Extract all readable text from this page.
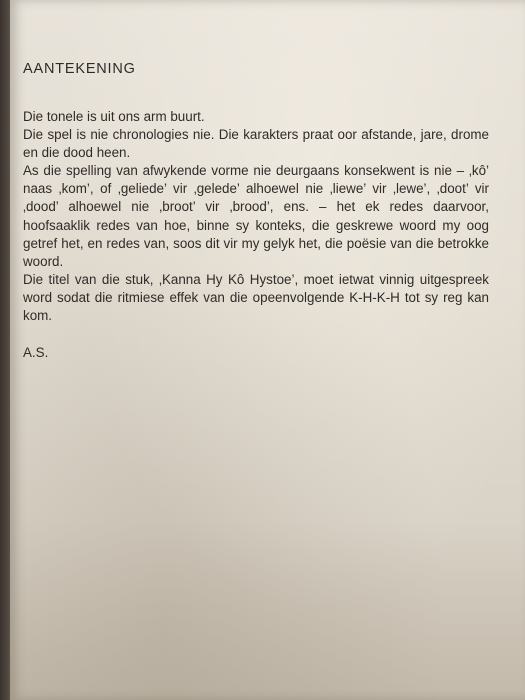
AANTEKENING

Die tonele is uit ons arm buurt.

Die spel is nie chronologies nie. Die karakters praat oor afstande, jare, drome en die dood heen.

As die spelling van afwykende vorme nie deurgaans konsekwent is nie – ‚kô’ naas ‚kom’, of ‚geliede’ vir ‚gelede’ alhoewel nie ‚liewe’ vir ‚lewe’, ‚doot’ vir ‚dood’ alhoewel nie ‚broot’ vir ‚brood’, ens. – het ek redes daarvoor, hoofsaaklik redes van hoe, binne sy konteks, die geskrewe woord my oog getref het, en redes van, soos dit vir my gelyk het, die poësie van die betrokke woord.

Die titel van die stuk, ‚Kanna Hy Kô Hystoe’, moet ietwat vinnig uitgespreek word sodat die ritmiese effek van die opeenvolgende K-H-K-H tot sy reg kan kom.

A.S.
